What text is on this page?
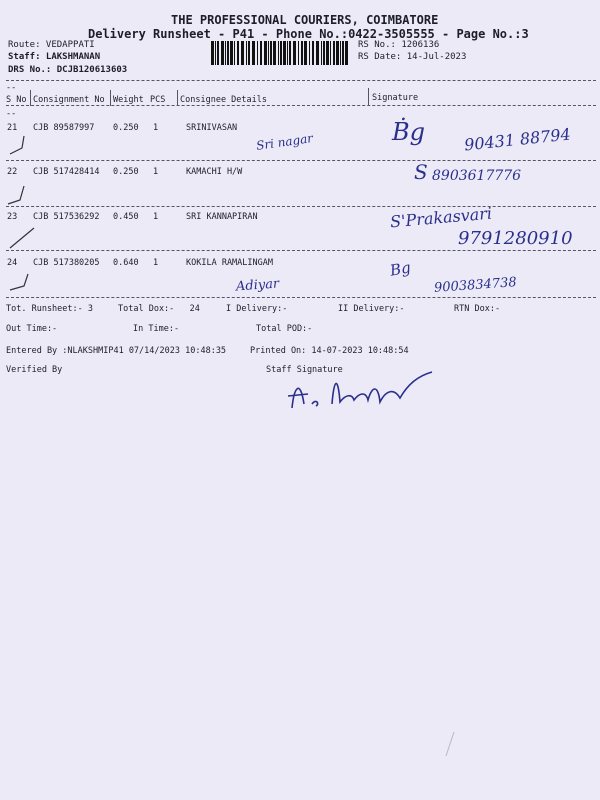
THE PROFESSIONAL COURIERS, COIMBATORE
Delivery Runsheet - P41 - Phone No.:0422-3505555 - Page No.:3
Route: VEDAPPATI
Staff: LAKSHMANAN
DRS No.: DCJB120613603
RS No.: 1206136
RS Date: 14-Jul-2023
--
S No Consignment No Weight PCS Consignee Details	Signature
--
21 CJB 89587997 0.250 1	SRINIVASAN
Sri nagar	Ḃg 90431 88794
22 CJB 517428414 0.250 1	KAMACHI H/W	S 8903617776
23 CJB 517536292 0.450 1	SRI KANNAPIRAN	S'Prakasvari
9791280910
24 CJB 517380205 0.640 1	KOKILA RAMALINGAM
Adiyar
Bg
9003834738
Tot. Runsheet:- 3	Total Dox:-   24	I Delivery:-	II Delivery:-	RTN Dox:-
Out Time:-	In Time:-	Total POD:-
Entered By :NLAKSHMIP41 07/14/2023 10:48:35	Printed On: 14-07-2023 10:48:54
Verified By	Staff Signature
